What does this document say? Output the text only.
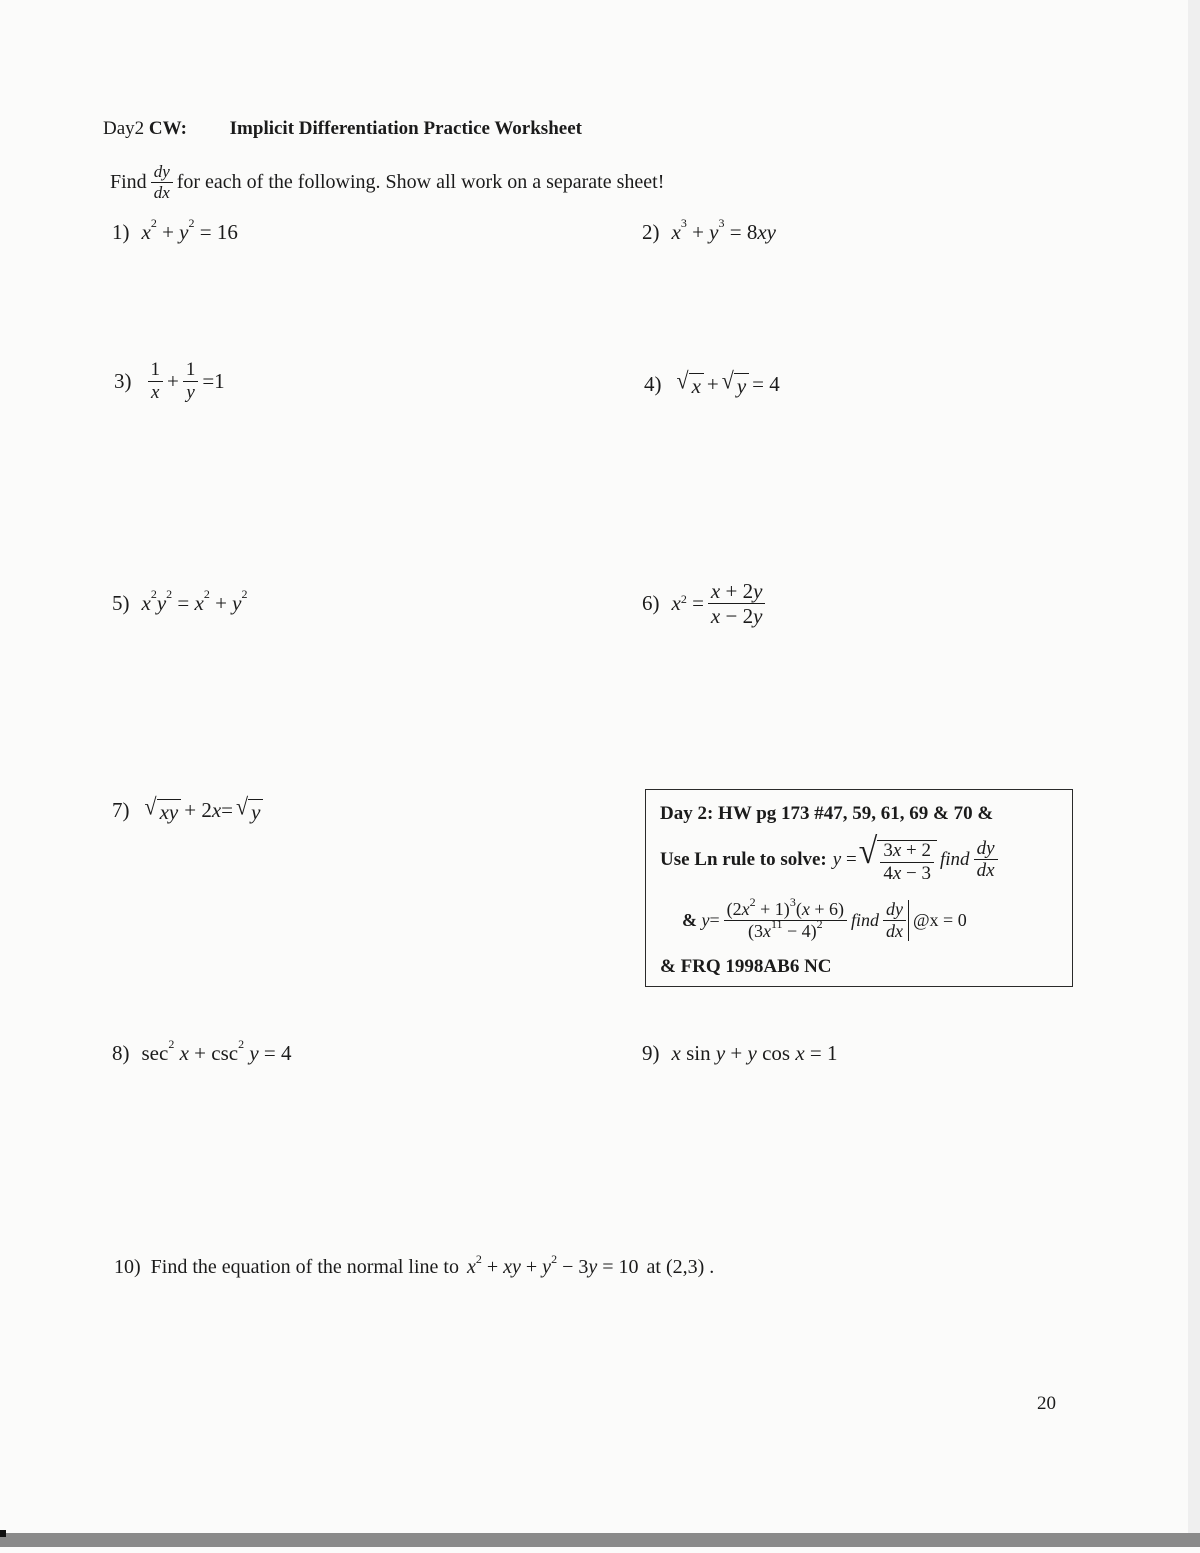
Day2 CW: Implicit Differentiation Practice Worksheet
Find $\frac{dy}{dx}$ for each of the following. Show all work on a separate sheet!
1) $x^2 + y^2 = 16$	2) $x^3 + y^3 = 8xy$
$3) \frac{1}{x} + \frac{1}{y} =1$	4) √ x + √ y = 4
5) $x^2y^2 = x^2 + y^2$	6) $x^2 = \frac{x + 2y}{x - 2y}$
7) √ xy + 2 x = √ y	Day 2: HW pg 173 #47, 59, 61, 69 & 70 &
Use Ln rule to solve: y = √ $\frac{3x + 2}{4x - 3}$ find $\frac{dy}{dx}$
&
$y = \frac{(2x^2 + 1)^3(x + 6)}{(3x^{11} - 4)^2}$ find $\frac{dy}{dx}$ @x = 0
& FRQ 1998AB6 NC
8) $\sec^2 x + \csc^2 y = 4$	9) x sin y + y cos x = 1
10) Find the equation of the normal line to $x^2$ + xy + $y^2 - 3y = 10$ at (2,3) .
20
